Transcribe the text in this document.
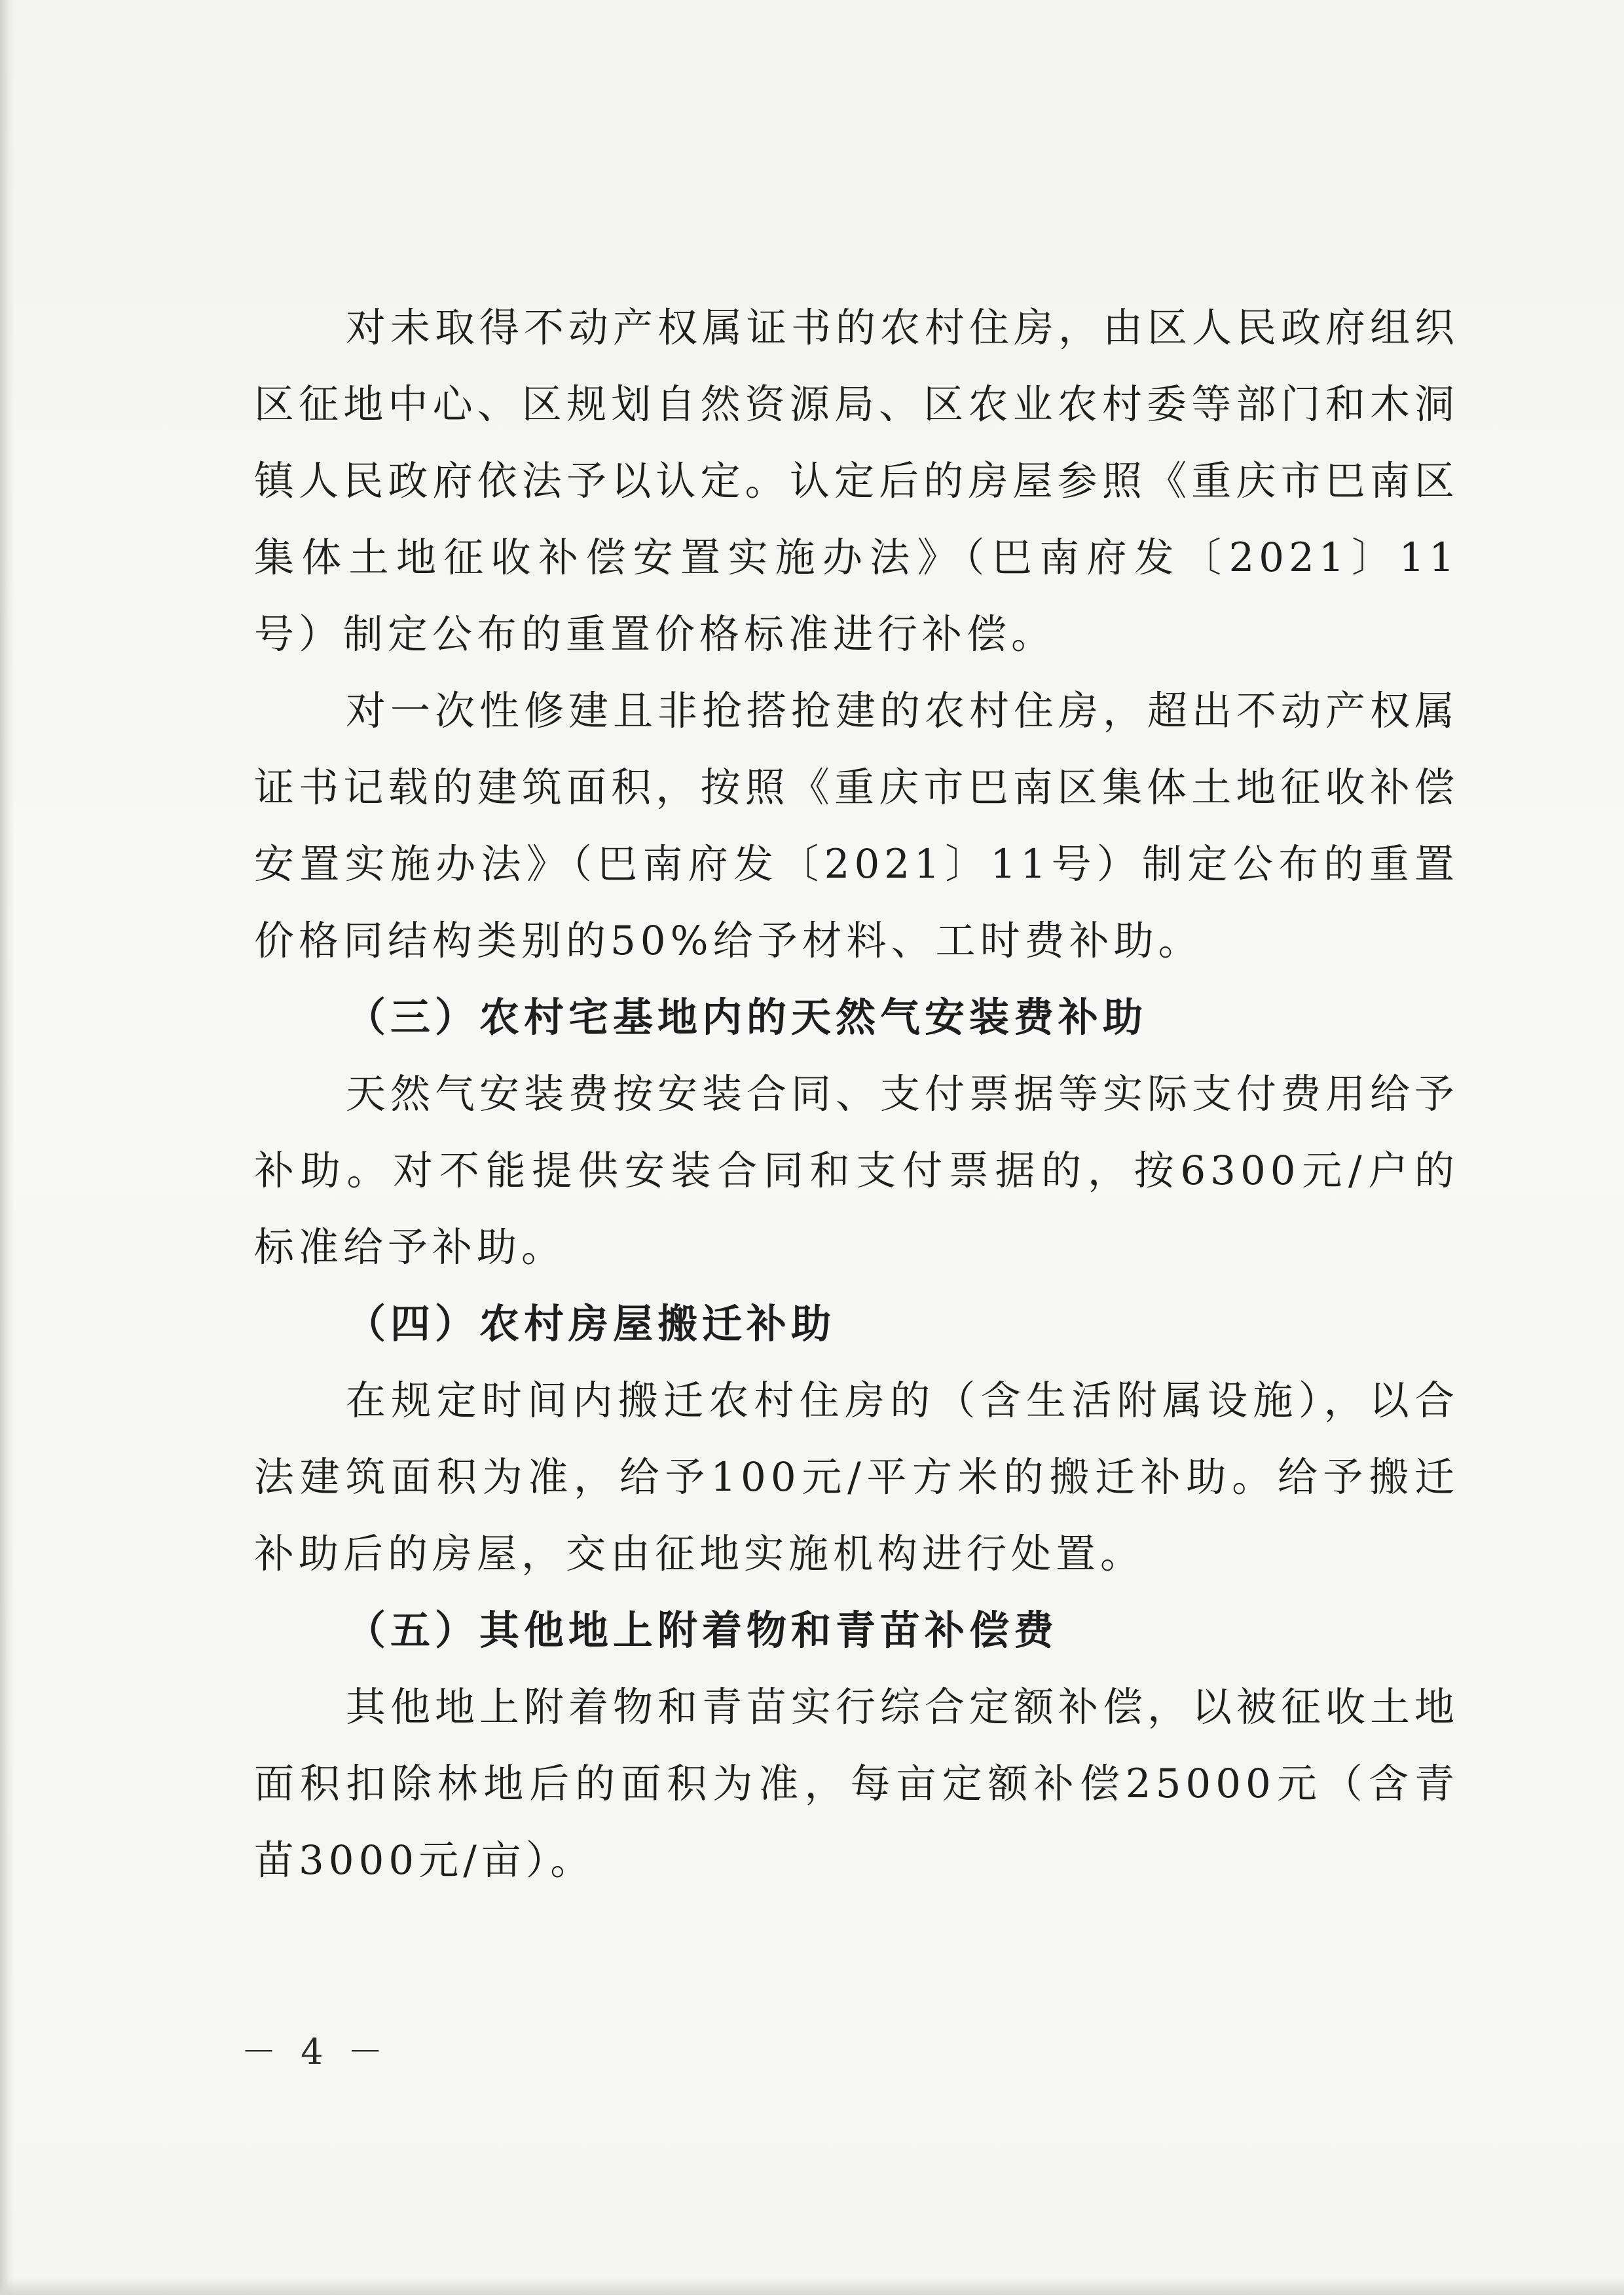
对未取得不动产权属证书的农村住房，由区人民政府组织区征地中心、区规划自然资源局、区农业农村委等部门和木洞镇人民政府依法予以认定。认定后的房屋参照《重庆市巴南区集体土地征收补偿安置实施办法》（巴南府发〔2021〕11号）制定公布的重置价格标准进行补偿。

对一次性修建且非抢搭抢建的农村住房，超出不动产权属证书记载的建筑面积，按照《重庆市巴南区集体土地征收补偿安置实施办法》（巴南府发〔2021〕11号）制定公布的重置价格同结构类别的50%给予材料、工时费补助。

（三）农村宅基地内的天然气安装费补助

天然气安装费按安装合同、支付票据等实际支付费用给予补助。对不能提供安装合同和支付票据的，按6300元/户的标准给予补助。

（四）农村房屋搬迁补助

在规定时间内搬迁农村住房的（含生活附属设施），以合法建筑面积为准，给予100元/平方米的搬迁补助。给予搬迁补助后的房屋，交由征地实施机构进行处置。

（五）其他地上附着物和青苗补偿费

其他地上附着物和青苗实行综合定额补偿，以被征收土地面积扣除林地后的面积为准，每亩定额补偿25000元（含青苗3000元/亩）。

－ 4 －
